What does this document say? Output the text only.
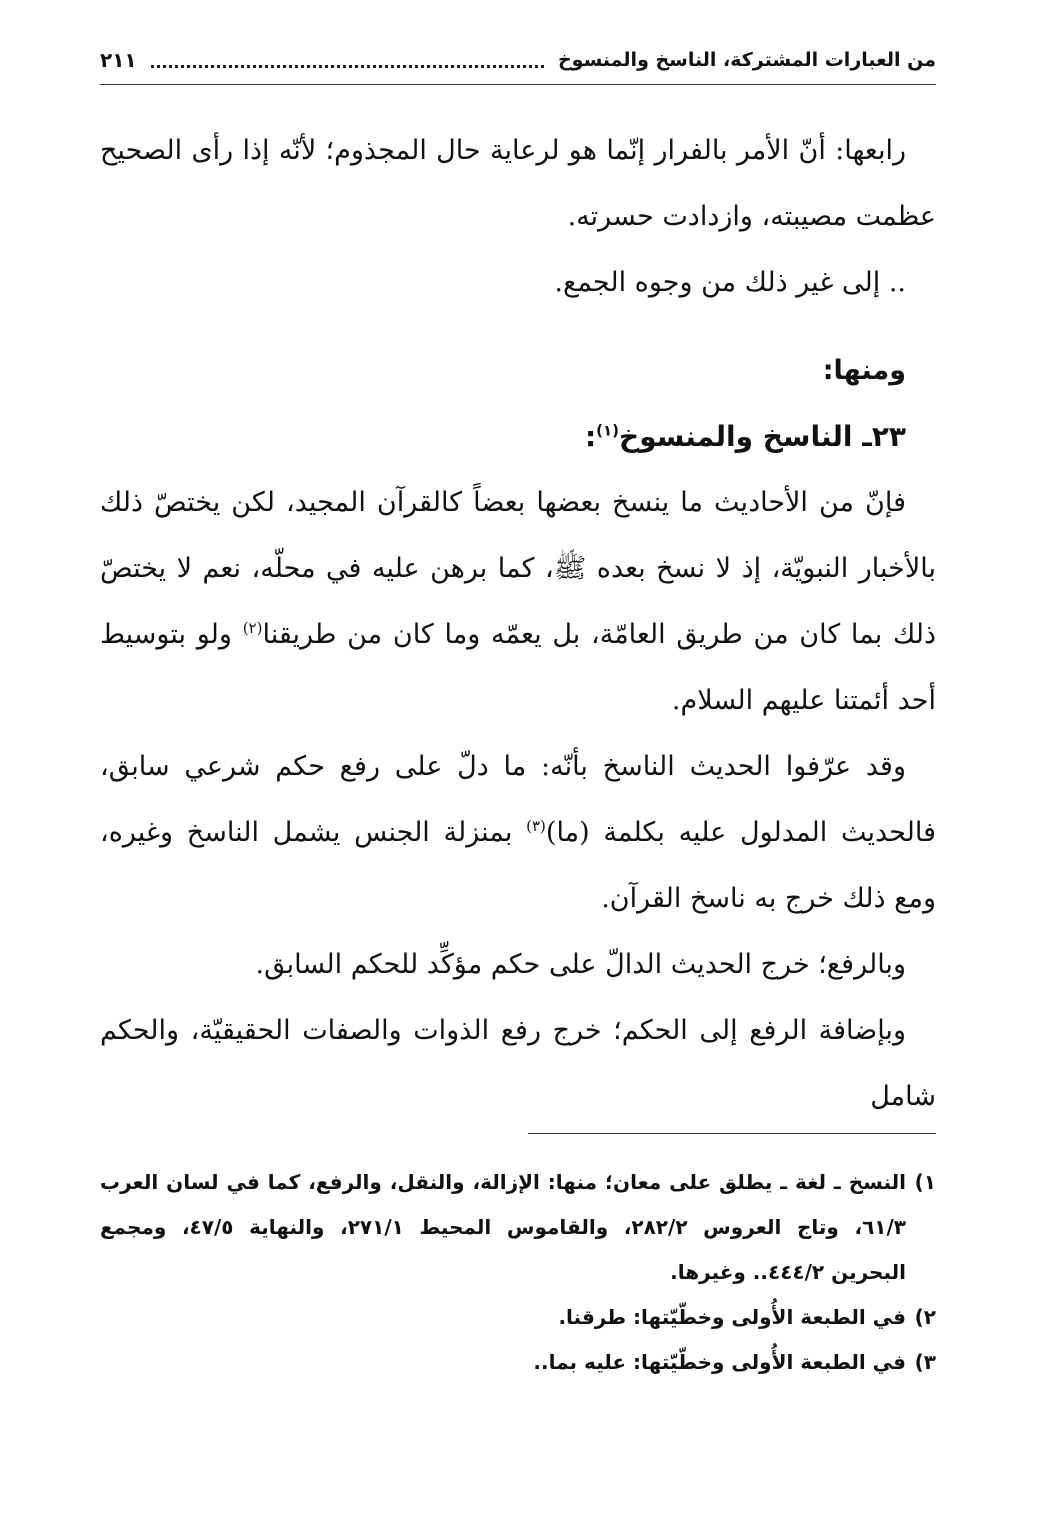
من العبارات المشتركة، الناسخ والمنسوخ
٢١١

رابعها: أنّ الأمر بالفرار إنّما هو لرعاية حال المجذوم؛ لأنّه إذا رأى الصحيح عظمت مصيبته، وازدادت حسرته.

.. إلى غير ذلك من وجوه الجمع.

ومنها:

٢٣ـ الناسخ والمنسوخ$^{(١)}$:

فإنّ من الأحاديث ما ينسخ بعضها بعضاً كالقرآن المجيد، لكن يختصّ ذلك بالأخبار النبويّة، إذ لا نسخ بعده ﷺ، كما برهن عليه في محلّه، نعم لا يختصّ ذلك بما كان من طريق العامّة، بل يعمّه وما كان من طريقنا$^{(٢)}$ ولو بتوسيط أحد أئمتنا عليهم السلام.

وقد عرّفوا الحديث الناسخ بأنّه: ما دلّ على رفع حكم شرعي سابق، فالحديث المدلول عليه بكلمة (ما)$^{(٣)}$ بمنزلة الجنس يشمل الناسخ وغيره، ومع ذلك خرج به ناسخ القرآن.

وبالرفع؛ خرج الحديث الدالّ على حكم مؤكِّد للحكم السابق.

وبإضافة الرفع إلى الحكم؛ خرج رفع الذوات والصفات الحقيقيّة، والحكم شامل

١)
النسخ ـ لغة ـ يطلق على معان؛ منها: الإزالة، والنقل، والرفع، كما في لسان العرب ٦١/٣، وتاج العروس ٢٨٢/٢، والقاموس المحيط ٢٧١/١، والنهاية ٤٧/٥، ومجمع البحرين ٤٤٤/٢.. وغيرها.
٢)
في الطبعة الأُولى وخطّيّتها: طرقنا.
٣)
في الطبعة الأُولى وخطّيّتها: عليه بما..
